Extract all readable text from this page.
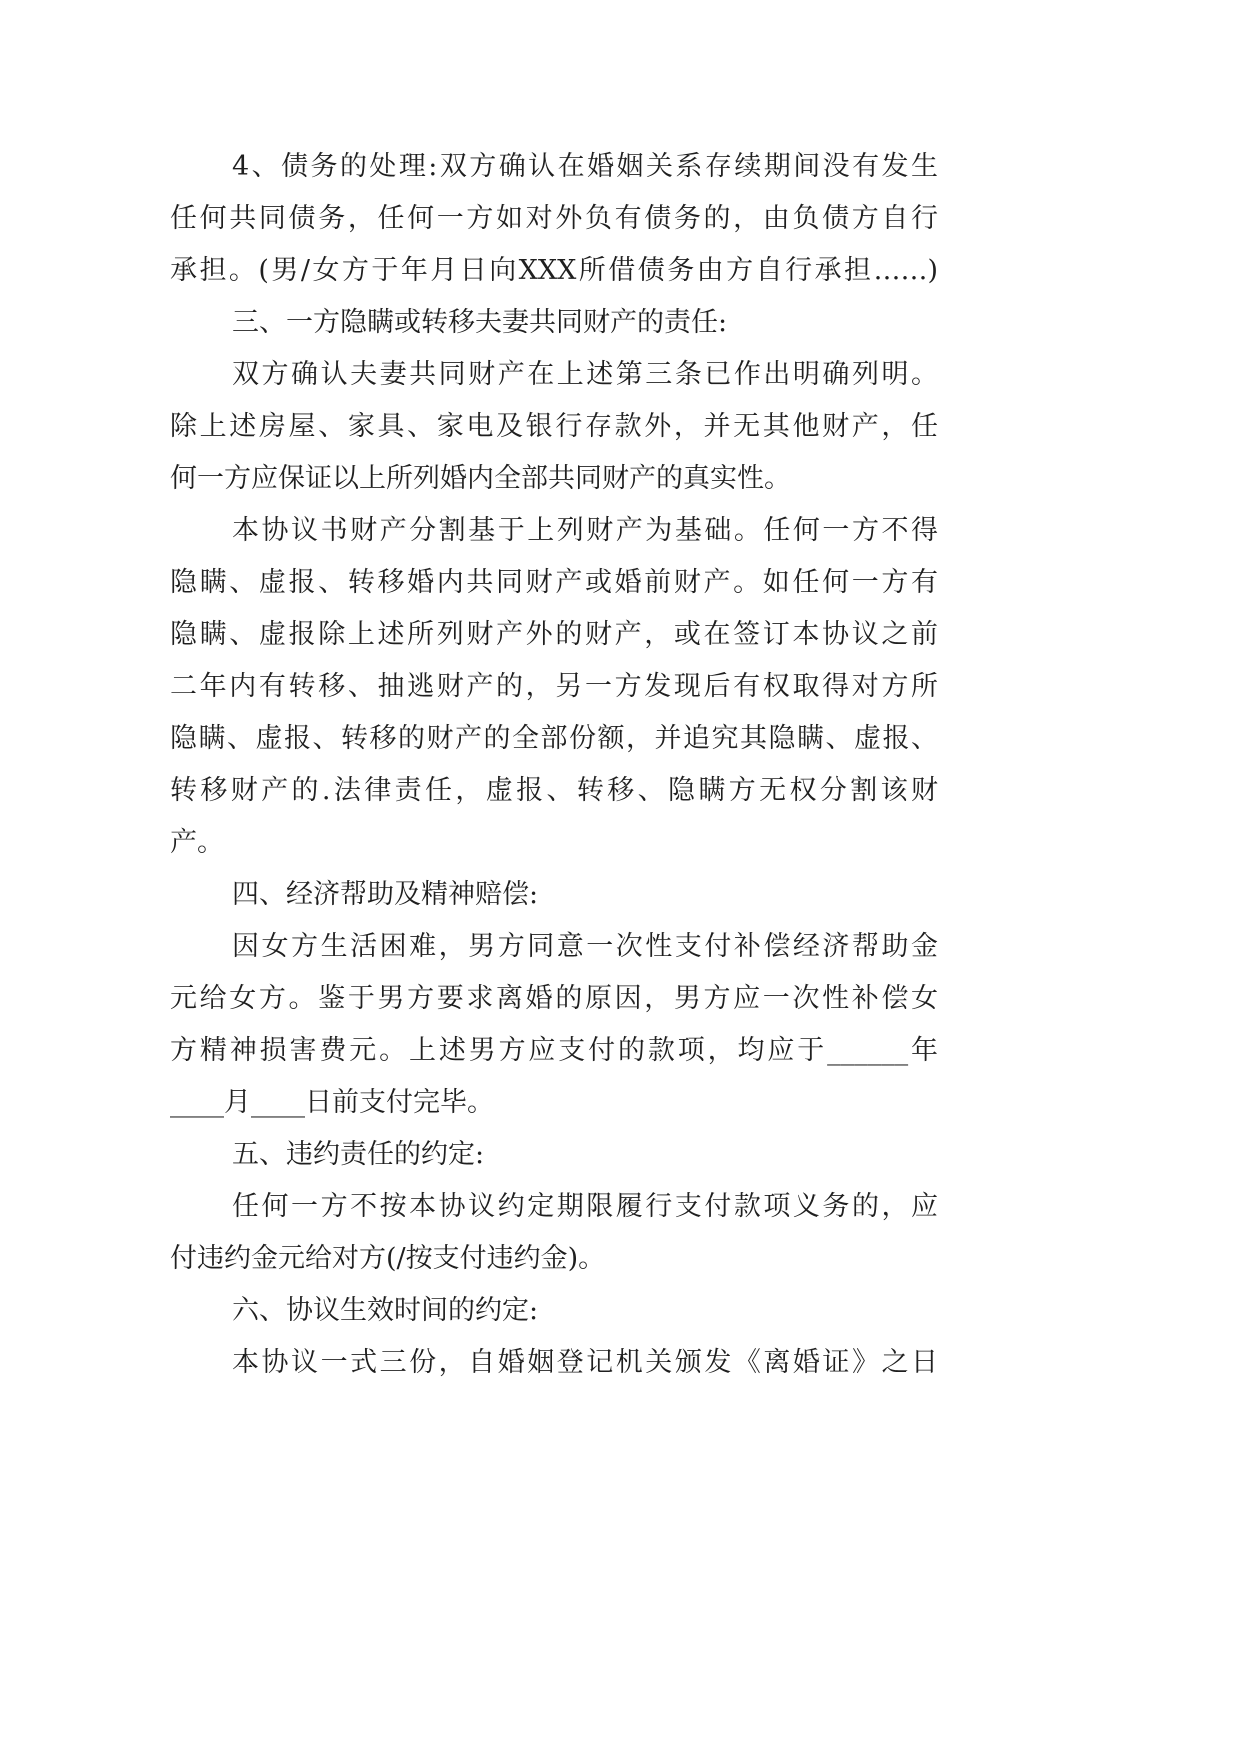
4、债务的处理:双方确认在婚姻关系存续期间没有发生
任何共同债务，任何一方如对外负有债务的，由负债方自行
承担。(男/女方于年月日向XXX所借债务由方自行承担……)
三、一方隐瞒或转移夫妻共同财产的责任:
双方确认夫妻共同财产在上述第三条已作出明确列明。
除上述房屋、家具、家电及银行存款外，并无其他财产，任
何一方应保证以上所列婚内全部共同财产的真实性。
本协议书财产分割基于上列财产为基础。任何一方不得
隐瞒、虚报、转移婚内共同财产或婚前财产。如任何一方有
隐瞒、虚报除上述所列财产外的财产，或在签订本协议之前
二年内有转移、抽逃财产的，另一方发现后有权取得对方所
隐瞒、虚报、转移的财产的全部份额，并追究其隐瞒、虚报、
转移财产的.法律责任，虚报、转移、隐瞒方无权分割该财
产。
四、经济帮助及精神赔偿:
因女方生活困难，男方同意一次性支付补偿经济帮助金
元给女方。鉴于男方要求离婚的原因，男方应一次性补偿女
方精神损害费元。上述男方应支付的款项，均应于______年
____月____日前支付完毕。
五、违约责任的约定:
任何一方不按本协议约定期限履行支付款项义务的，应
付违约金元给对方(/按支付违约金)。
六、协议生效时间的约定:
本协议一式三份，自婚姻登记机关颁发《离婚证》之日
